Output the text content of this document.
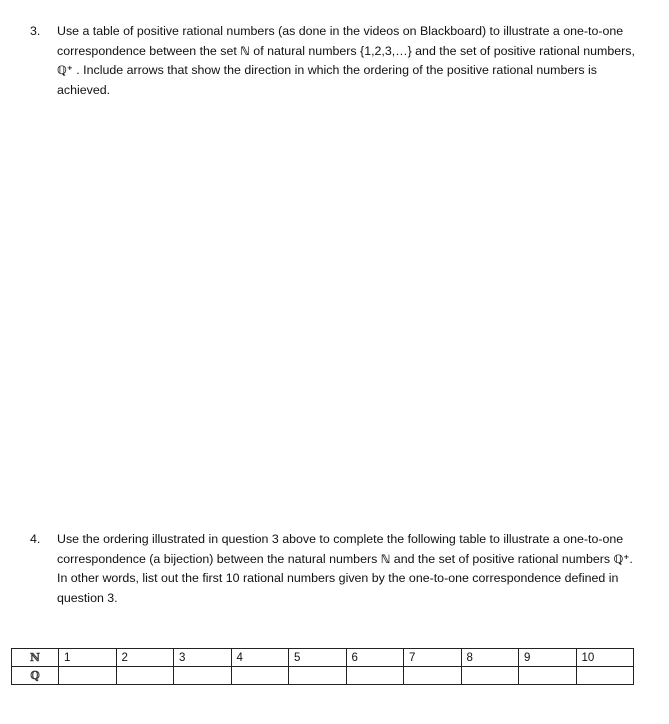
3.	Use a table of positive rational numbers (as done in the videos on Blackboard) to illustrate a one-to-one correspondence between the set ℕ of natural numbers {1,2,3,…} and the set of positive rational numbers, ℚ⁺ . Include arrows that show the direction in which the ordering of the positive rational numbers is achieved.
4.	Use the ordering illustrated in question 3 above to complete the following table to illustrate a one-to-one correspondence (a bijection) between the natural numbers ℕ and the set of positive rational numbers ℚ⁺. In other words, list out the first 10 rational numbers given by the one-to-one correspondence defined in question 3.
ℕ	1	2	3	4	5	6	7	8	9	10
ℚ										
